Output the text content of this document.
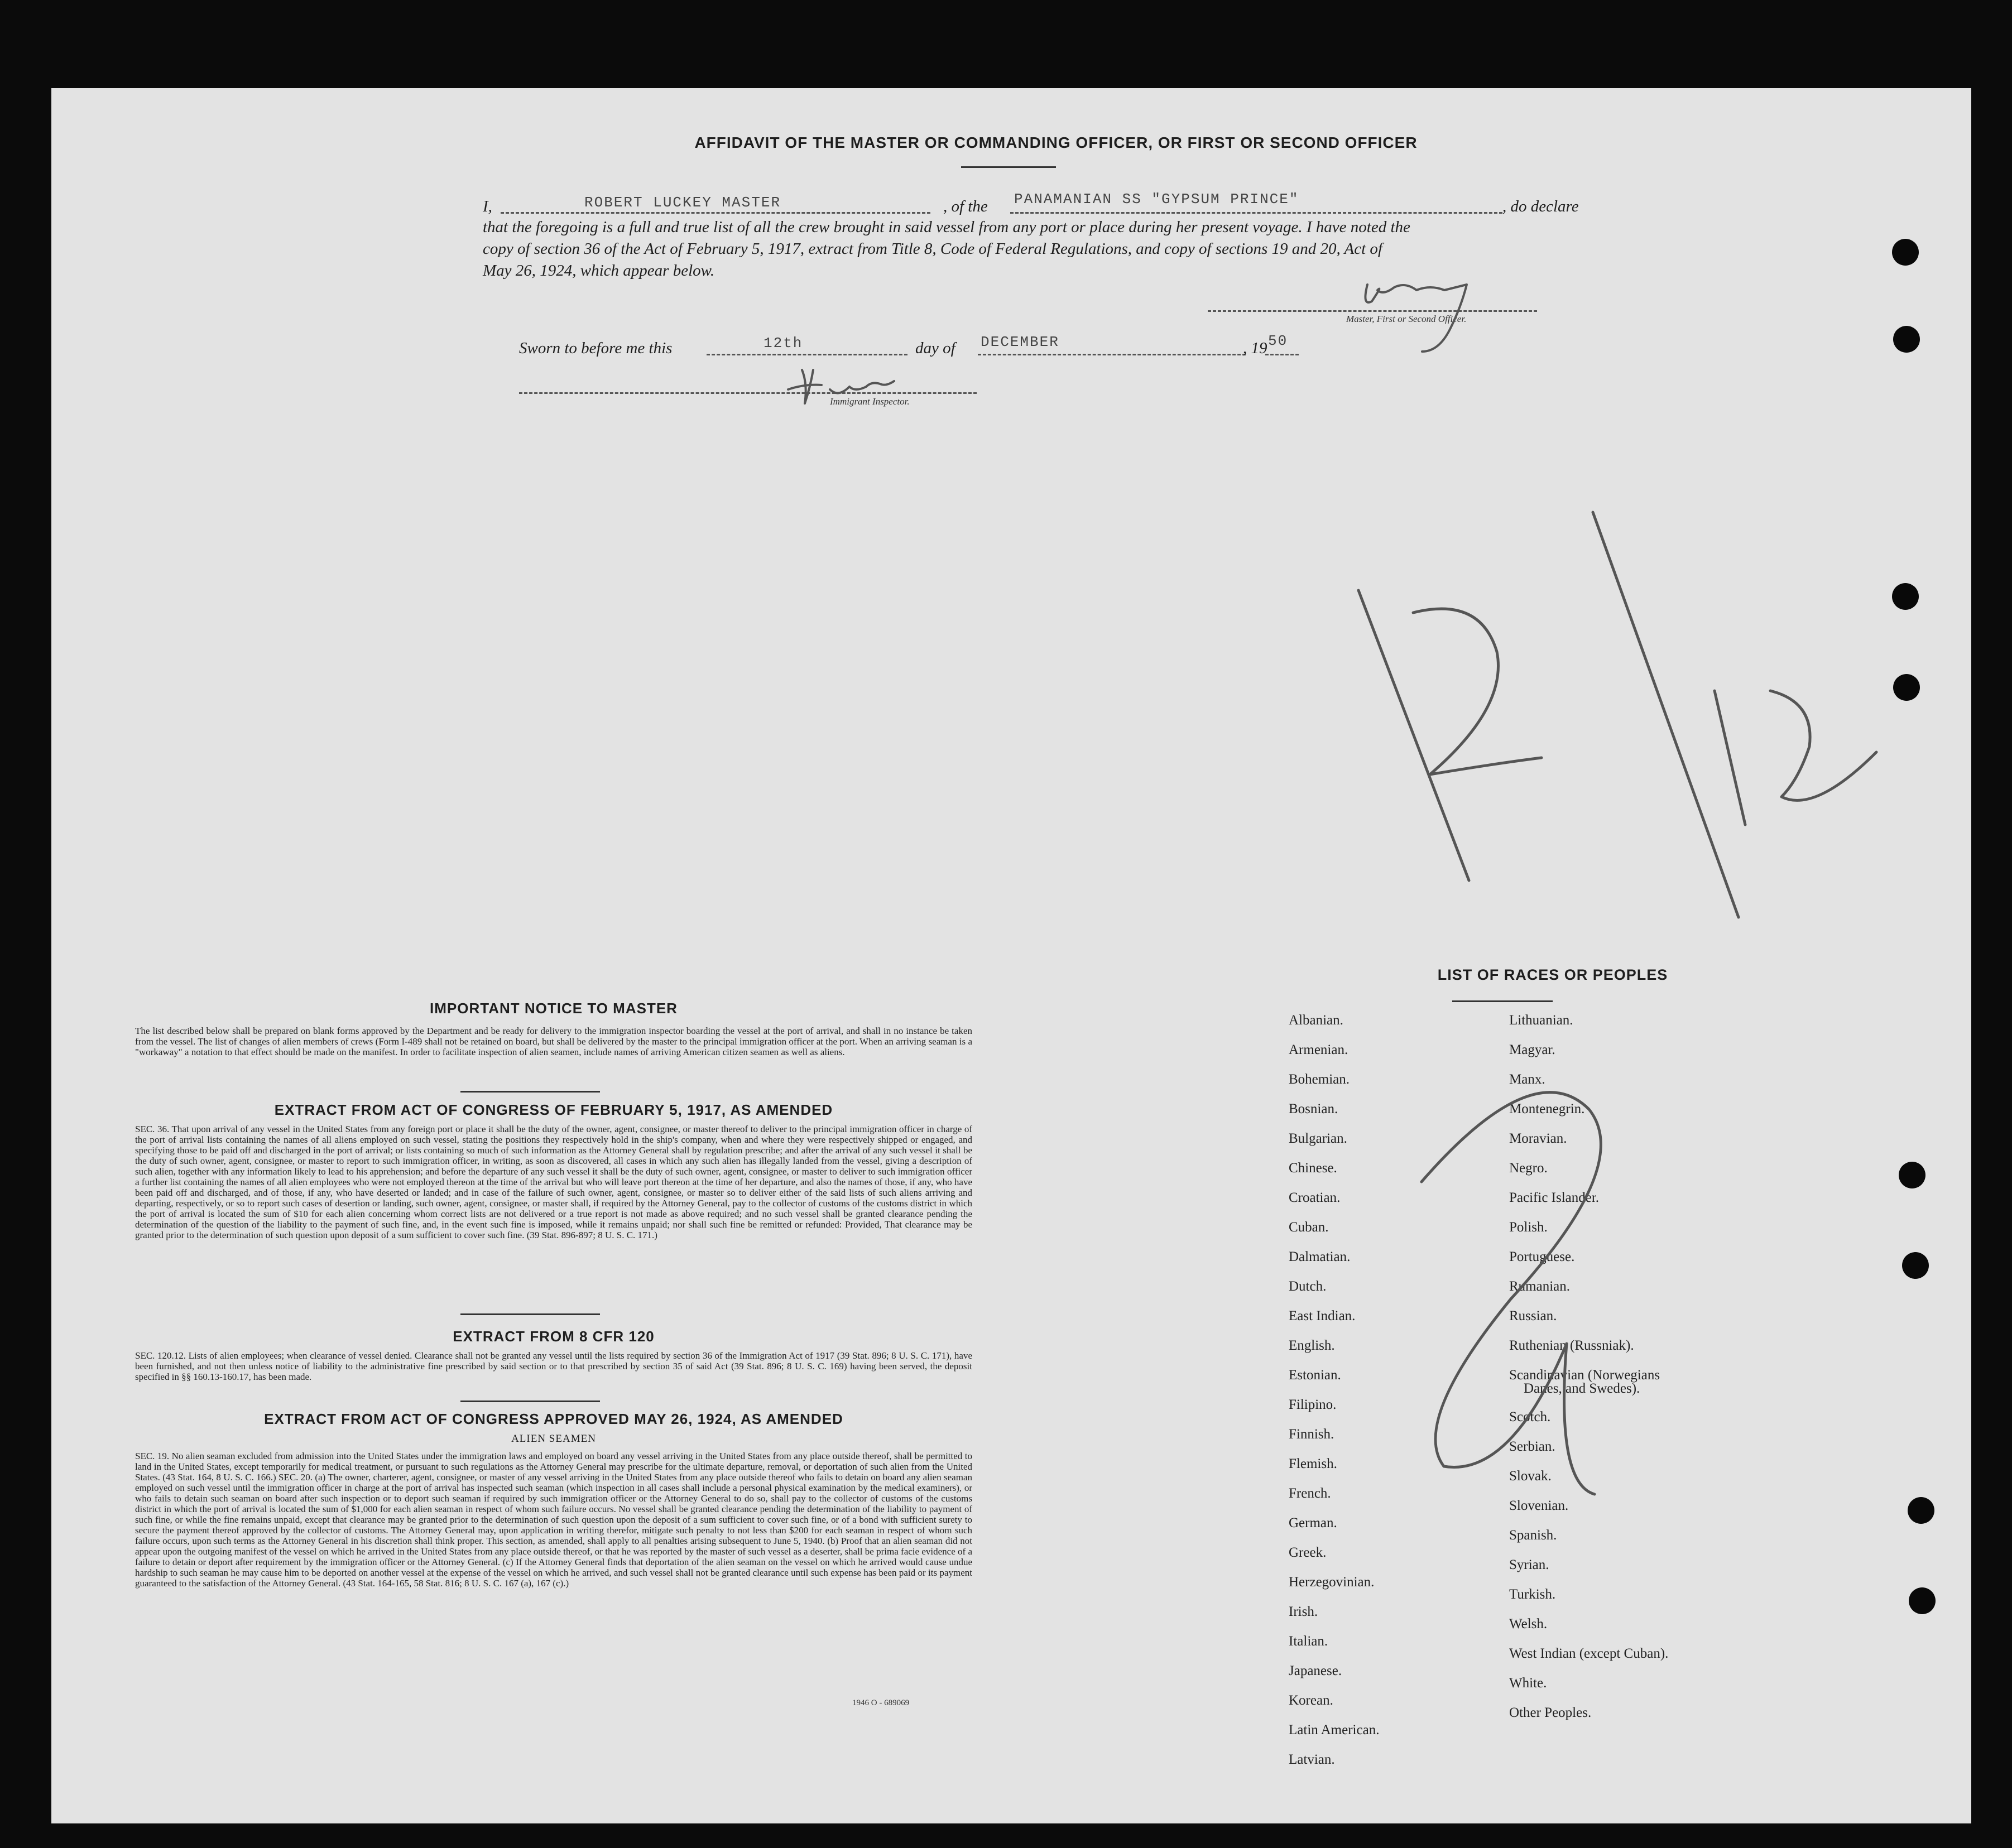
AFFIDAVIT OF THE MASTER OR COMMANDING OFFICER, OR FIRST OR SECOND OFFICER
I,	ROBERT LUCKEY MASTER	, of the PANAMANIAN SS "GYPSUM PRINCE"	, do declare
that the foregoing is a full and true list of all the crew brought in said vessel from any port or place during her present voyage. I have noted the
copy of section 36 of the Act of February 5, 1917, extract from Title 8, Code of Federal Regulations, and copy of sections 19 and 20, Act of
May 26, 1924, which appear below.
Master, First or Second Officer.
Sworn to before me this	12th	day of DECEMBER	, 19 50
Immigrant Inspector.
IMPORTANT NOTICE TO MASTER
The list described below shall be prepared on blank forms approved by the Department and be ready for delivery to the immigration inspector boarding the vessel at the port of arrival, and shall in no instance be taken from the vessel. The list of changes of alien members of crews (Form I-489 shall not be retained on board, but shall be delivered by the master to the principal immigration officer at the port. When an arriving seaman is a "workaway" a notation to that effect should be made on the manifest. In order to facilitate inspection of alien seamen, include names of arriving American citizen seamen as well as aliens.
EXTRACT FROM ACT OF CONGRESS OF FEBRUARY 5, 1917, AS AMENDED
SEC. 36. That upon arrival of any vessel in the United States from any foreign port or place it shall be the duty of the owner, agent, consignee, or master thereof to deliver to the principal immigration officer in charge of the port of arrival lists containing the names of all aliens employed on such vessel, stating the positions they respectively hold in the ship's company, when and where they were respectively shipped or engaged, and specifying those to be paid off and discharged in the port of arrival; or lists containing so much of such information as the Attorney General shall by regulation prescribe; and after the arrival of any such vessel it shall be the duty of such owner, agent, consignee, or master to report to such immigration officer, in writing, as soon as discovered, all cases in which any such alien has illegally landed from the vessel, giving a description of such alien, together with any information likely to lead to his apprehension; and before the departure of any such vessel it shall be the duty of such owner, agent, consignee, or master to deliver to such immigration officer a further list containing the names of all alien employees who were not employed thereon at the time of the arrival but who will leave port thereon at the time of her departure, and also the names of those, if any, who have been paid off and discharged, and of those, if any, who have deserted or landed; and in case of the failure of such owner, agent, consignee, or master so to deliver either of the said lists of such aliens arriving and departing, respectively, or so to report such cases of desertion or landing, such owner, agent, consignee, or master shall, if required by the Attorney General, pay to the collector of customs of the customs district in which the port of arrival is located the sum of $10 for each alien concerning whom correct lists are not delivered or a true report is not made as above required; and no such vessel shall be granted clearance pending the determination of the question of the liability to the payment of such fine, and, in the event such fine is imposed, while it remains unpaid; nor shall such fine be remitted or refunded: Provided, That clearance may be granted prior to the determination of such question upon deposit of a sum sufficient to cover such fine. (39 Stat. 896-897; 8 U. S. C. 171.)
EXTRACT FROM 8 CFR 120
SEC. 120.12. Lists of alien employees; when clearance of vessel denied. Clearance shall not be granted any vessel until the lists required by section 36 of the Immigration Act of 1917 (39 Stat. 896; 8 U. S. C. 171), have been furnished, and not then unless notice of liability to the administrative fine prescribed by said section or to that prescribed by section 35 of said Act (39 Stat. 896; 8 U. S. C. 169) having been served, the deposit specified in §§ 160.13-160.17, has been made.
EXTRACT FROM ACT OF CONGRESS APPROVED MAY 26, 1924, AS AMENDED
ALIEN SEAMEN
SEC. 19. No alien seaman excluded from admission into the United States under the immigration laws and employed on board any vessel arriving in the United States from any place outside thereof, shall be permitted to land in the United States, except temporarily for medical treatment, or pursuant to such regulations as the Attorney General may prescribe for the ultimate departure, removal, or deportation of such alien from the United States. (43 Stat. 164, 8 U. S. C. 166.) SEC. 20. (a) The owner, charterer, agent, consignee, or master of any vessel arriving in the United States from any place outside thereof who fails to detain on board any alien seaman employed on such vessel until the immigration officer in charge at the port of arrival has inspected such seaman (which inspection in all cases shall include a personal physical examination by the medical examiners), or who fails to detain such seaman on board after such inspection or to deport such seaman if required by such immigration officer or the Attorney General to do so, shall pay to the collector of customs of the customs district in which the port of arrival is located the sum of $1,000 for each alien seaman in respect of whom such failure occurs. No vessel shall be granted clearance pending the determination of the liability to payment of such fine, or while the fine remains unpaid, except that clearance may be granted prior to the determination of such question upon the deposit of a sum sufficient to cover such fine, or of a bond with sufficient surety to secure the payment thereof approved by the collector of customs. The Attorney General may, upon application in writing therefor, mitigate such penalty to not less than $200 for each seaman in respect of whom such failure occurs, upon such terms as the Attorney General in his discretion shall think proper. This section, as amended, shall apply to all penalties arising subsequent to June 5, 1940. (b) Proof that an alien seaman did not appear upon the outgoing manifest of the vessel on which he arrived in the United States from any place outside thereof, or that he was reported by the master of such vessel as a deserter, shall be prima facie evidence of a failure to detain or deport after requirement by the immigration officer or the Attorney General. (c) If the Attorney General finds that deportation of the alien seaman on the vessel on which he arrived would cause undue hardship to such seaman he may cause him to be deported on another vessel at the expense of the vessel on which he arrived, and such vessel shall not be granted clearance until such expense has been paid or its payment guaranteed to the satisfaction of the Attorney General. (43 Stat. 164-165, 58 Stat. 816; 8 U. S. C. 167 (a), 167 (c).)
1946 O - 689069
LIST OF RACES OR PEOPLES
Albanian.
Armenian.
Bohemian.
Bosnian.
Bulgarian.
Chinese.
Croatian.
Cuban.
Dalmatian.
Dutch.
East Indian.
English.
Estonian.
Filipino.
Finnish.
Flemish.
French.
German.
Greek.
Herzegovinian.
Irish.
Italian.
Japanese.
Korean.
Latin American.
Latvian.
Lithuanian.
Magyar.
Manx.
Montenegrin.
Moravian.
Negro.
Pacific Islander.
Polish.
Portuguese.
Rumanian.
Russian.
Ruthenian (Russniak).
Scandinavian (Norwegians
Danes, and Swedes).
Scotch.
Serbian.
Slovak.
Slovenian.
Spanish.
Syrian.
Turkish.
Welsh.
West Indian (except Cuban).
White.
Other Peoples.
